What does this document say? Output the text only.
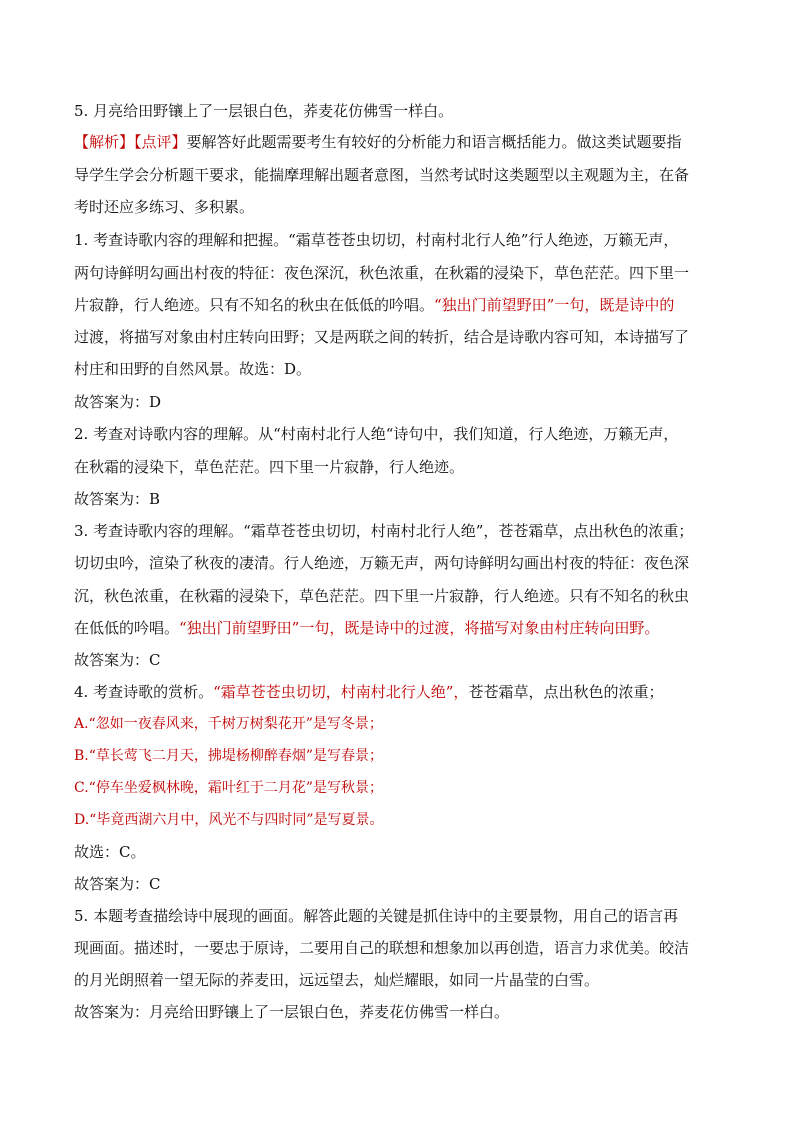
5. 月亮给田野镶上了一层银白色，荞麦花仿佛雪一样白。
【解析】【点评】要解答好此题需要考生有较好的分析能力和语言概括能力。做这类试题要指
导学生学会分析题干要求，能揣摩理解出题者意图，当然考试时这类题型以主观题为主，在备
考时还应多练习、多积累。
1. 考查诗歌内容的理解和把握。“霜草苍苍虫切切，村南村北行人绝”行人绝迹，万籁无声，
两句诗鲜明勾画出村夜的特征：夜色深沉，秋色浓重，在秋霜的浸染下，草色茫茫。四下里一
片寂静，行人绝迹。只有不知名的秋虫在低低的吟唱。“独出门前望野田”一句，既是诗中的
过渡，将描写对象由村庄转向田野；又是两联之间的转折，结合是诗歌内容可知，本诗描写了
村庄和田野的自然风景。故选：D。
故答案为：D
2. 考查对诗歌内容的理解。从“村南村北行人绝“诗句中，我们知道，行人绝迹，万籁无声，
在秋霜的浸染下，草色茫茫。四下里一片寂静，行人绝迹。
故答案为：B
3. 考查诗歌内容的理解。“霜草苍苍虫切切，村南村北行人绝”，苍苍霜草，点出秋色的浓重；
切切虫吟，渲染了秋夜的凄清。行人绝迹，万籁无声，两句诗鲜明勾画出村夜的特征：夜色深
沉，秋色浓重，在秋霜的浸染下，草色茫茫。四下里一片寂静，行人绝迹。只有不知名的秋虫
在低低的吟唱。“独出门前望野田”一句，既是诗中的过渡，将描写对象由村庄转向田野。
故答案为：C
4. 考查诗歌的赏析。“霜草苍苍虫切切，村南村北行人绝”，苍苍霜草，点出秋色的浓重；
A.“忽如一夜春风来，千树万树梨花开”是写冬景；
B.“草长莺飞二月天，拂堤杨柳醉春烟”是写春景；
C.“停车坐爱枫林晚，霜叶红于二月花”是写秋景；
D.“毕竟西湖六月中，风光不与四时同”是写夏景。
故选：C。
故答案为：C
5. 本题考查描绘诗中展现的画面。解答此题的关键是抓住诗中的主要景物，用自己的语言再
现画面。描述时，一要忠于原诗，二要用自己的联想和想象加以再创造，语言力求优美。皎洁
的月光朗照着一望无际的荞麦田，远远望去，灿烂耀眼，如同一片晶莹的白雪。
故答案为：月亮给田野镶上了一层银白色，荞麦花仿佛雪一样白。
